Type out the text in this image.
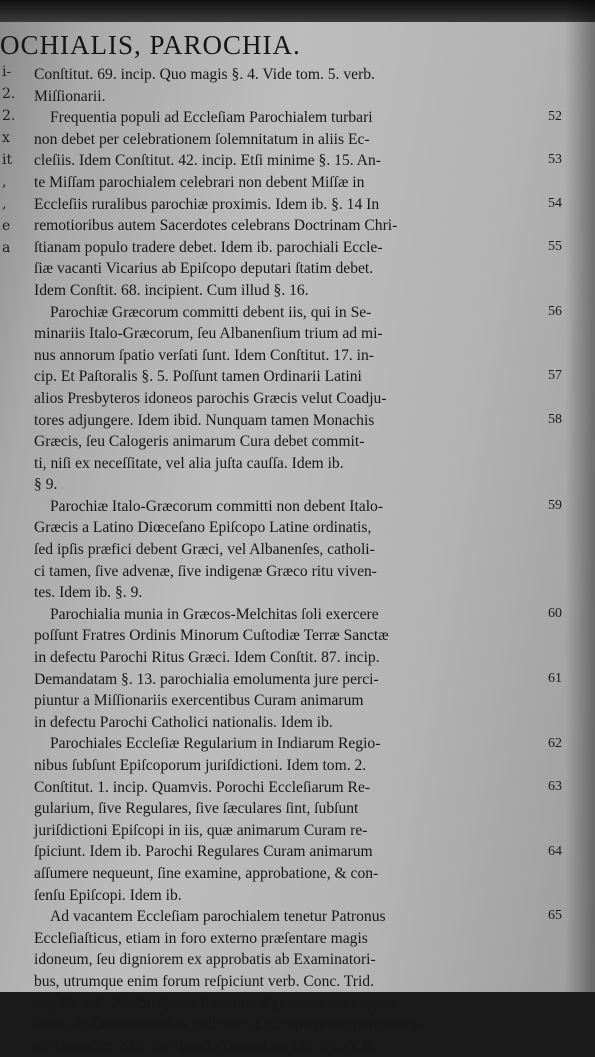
OCHIALIS, PAROCHIA.
i-
2.
2.
x
it
,
,
e
a
Conſtitut. 69. incip. Quo magis §. 4. Vide tom. 5. verb.
Miſſionarii.
Frequentia populi ad Eccleſiam Parochialem turbari
non debet per celebrationem ſolemnitatum in aliis Ec-
cleſiis. Idem Conſtitut. 42. incip. Etſi minime §. 15. An-
te Miſſam parochialem celebrari non debent Miſſæ in
Eccleſiis ruralibus parochiæ proximis. Idem ib. §. 14 In
remotioribus autem Sacerdotes celebrans Doctrinam Chri-
ſtianam populo tradere debet. Idem ib. parochiali Eccle-
ſiæ vacanti Vicarius ab Epiſcopo deputari ſtatim debet.
Idem Conſtit. 68. incipient. Cum illud §. 16.
Parochiæ Græcorum committi debent iis, qui in Se-
minariis Italo-Græcorum, ſeu Albanenſium trium ad mi-
nus annorum ſpatio verſati ſunt. Idem Conſtitut. 17. in-
cip. Et Paſtoralis §. 5. Poſſunt tamen Ordinarii Latini
alios Presbyteros idoneos parochis Græcis velut Coadju-
tores adjungere. Idem ibid. Nunquam tamen Monachis
Græcis, ſeu Calogeris animarum Cura debet commit-
ti, niſi ex neceſſitate, vel alia juſta cauſſa. Idem ib.
§ 9.
Parochiæ Italo-Græcorum committi non debent Italo-
Græcis a Latino Diœceſano Epiſcopo Latine ordinatis,
ſed ipſis præfici debent Græci, vel Albanenſes, catholi-
ci tamen, ſive advenæ, ſive indigenæ Græco ritu viven-
tes. Idem ib. §. 9.
Parochialia munia in Græcos-Melchitas ſoli exercere
poſſunt Fratres Ordinis Minorum Cuſtodiæ Terræ Sanctæ
in defectu Parochi Ritus Græci. Idem Conſtit. 87. incip.
Demandatam §. 13. parochialia emolumenta jure perci-
piuntur a Miſſionariis exercentibus Curam animarum
in defectu Parochi Catholici nationalis. Idem ib.
Parochiales Eccleſiæ Regularium in Indiarum Regio-
nibus ſubſunt Epiſcoporum juriſdictioni. Idem tom. 2.
Conſtitut. 1. incip. Quamvis. Porochi Eccleſiarum Re-
gularium, ſive Regulares, ſive ſæculares ſint, ſubſunt
juriſdictioni Epiſcopi in iis, quæ animarum Curam re-
ſpiciunt. Idem ib. Parochi Regulares Curam animarum
aſſumere nequeunt, ſine examine, approbatione, & con-
ſenſu Epiſcopi. Idem ib.
Ad vacantem Eccleſiam parochialem tenetur Patronus
Eccleſiaſticus, etiam in foro externo præſentare magis
idoneum, ſeu digniorem ex approbatis ab Examinatori-
bus, utrumque enim forum reſpiciunt verb. Conc. Trid.
cap 18. ſeſſ. 24. ibi; Quem Patronus digniorem inter appro-
batos ab Examinatoribus judicabit, Epiſcopo præſentare tenea-
tur Benedict. XIV. de Synodo Diœceſana lib. 4. cap. 8.
52
53
54
55
56
57
58
59
60
61
62
63
64
65
